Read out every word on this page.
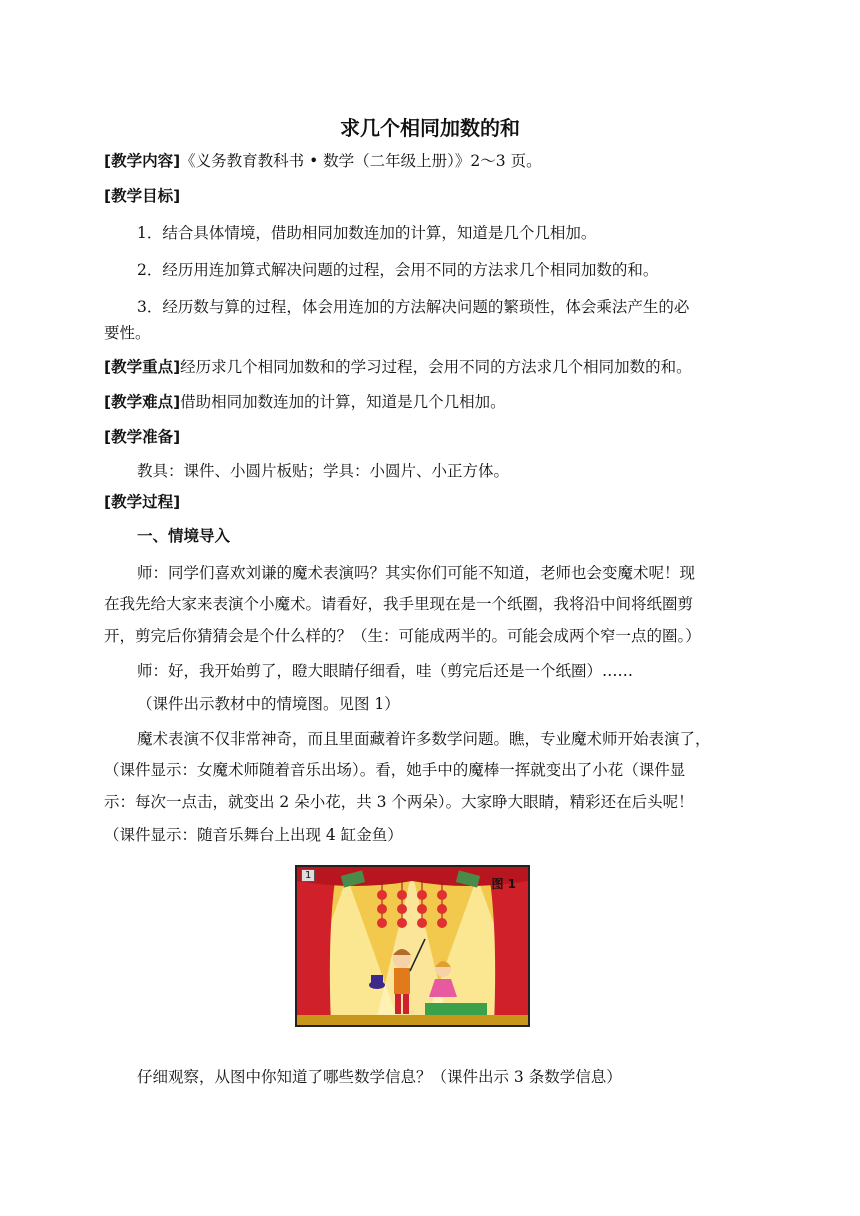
求几个相同加数的和
[教学内容]《义务教育教科书 • 数学（二年级上册）》2～3 页。
[教学目标]
1．结合具体情境，借助相同加数连加的计算，知道是几个几相加。
2．经历用连加算式解决问题的过程，会用不同的方法求几个相同加数的和。
3．经历数与算的过程，体会用连加的方法解决问题的繁琐性，体会乘法产生的必
要性。
[教学重点]经历求几个相同加数和的学习过程，会用不同的方法求几个相同加数的和。
[教学难点]借助相同加数连加的计算，知道是几个几相加。
[教学准备]
教具：课件、小圆片板贴；学具：小圆片、小正方体。
[教学过程]
一、情境导入
师：同学们喜欢刘谦的魔术表演吗？其实你们可能不知道，老师也会变魔术呢！现
在我先给大家来表演个小魔术。请看好，我手里现在是一个纸圈，我将沿中间将纸圈剪
开，剪完后你猜猜会是个什么样的？（生：可能成两半的。可能会成两个窄一点的圈。）
师：好，我开始剪了，瞪大眼睛仔细看，哇（剪完后还是一个纸圈）……
（课件出示教材中的情境图。见图 1）
魔术表演不仅非常神奇，而且里面藏着许多数学问题。瞧，专业魔术师开始表演了，
（课件显示：女魔术师随着音乐出场）。看，她手中的魔棒一挥就变出了小花（课件显
示：每次一点击，就变出 2 朵小花，共 3 个两朵）。大家睁大眼睛，精彩还在后头呢！
（课件显示：随音乐舞台上出现 4 缸金鱼）
1
图 1
仔细观察，从图中你知道了哪些数学信息？（课件出示 3 条数学信息）
